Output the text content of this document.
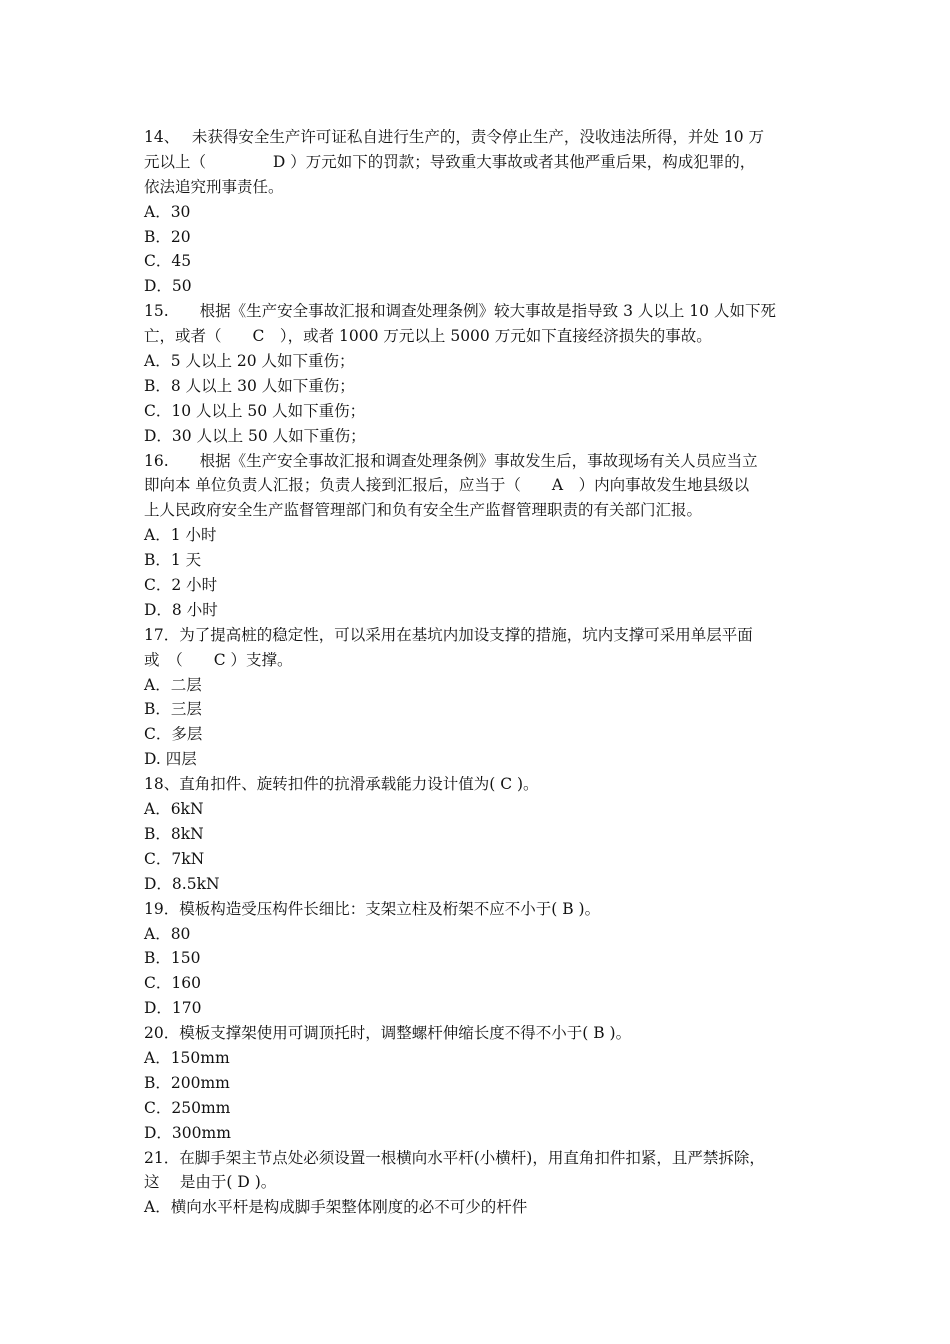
14、　 未获得安全生产许可证私自进行生产的，责令停止生产，没收违法所得，并处 10 万
元以上（　　　　 D ）万元如下的罚款；导致重大事故或者其他严重后果，构成犯罪的，
依法追究刑事责任。
A．30
B．20
C．45
D．50
15.　　根据《生产安全事故汇报和调查处理条例》较大事故是指导致 3 人以上 10 人如下死
亡，或者（　　C　），或者 1000 万元以上 5000 万元如下直接经济损失的事故。
A．5 人以上 20 人如下重伤；
B．8 人以上 30 人如下重伤；
C．10 人以上 50 人如下重伤；
D．30 人以上 50 人如下重伤；
16.　　根据《生产安全事故汇报和调查处理条例》事故发生后，事故现场有关人员应当立
即向本 单位负责人汇报；负责人接到汇报后，应当于（　　A　）内向事故发生地县级以
上人民政府安全生产监督管理部门和负有安全生产监督管理职责的有关部门汇报。
A．1 小时
B．1 天
C．2 小时
D．8 小时
17．为了提高桩的稳定性，可以采用在基坑内加设支撑的措施，坑内支撑可采用单层平面
或　（　　C ）支撑。
A．二层
B．三层
C．多层
D. 四层
18、直角扣件、旋转扣件的抗滑承载能力设计值为( C )。
A．6kN
B．8kN
C．7kN
D．8.5kN
19．模板构造受压构件长细比：支架立柱及桁架不应不小于( B )。
A．80
B．150
C．160
D．170
20．模板支撑架使用可调顶托时，调整螺杆伸缩长度不得不小于( B )。
A．150mm
B．200mm
C．250mm
D．300mm
21．在脚手架主节点处必须设置一根横向水平杆(小横杆)，用直角扣件扣紧，且严禁拆除，
这　 是由于( D )。
A．横向水平杆是构成脚手架整体刚度的必不可少的杆件
